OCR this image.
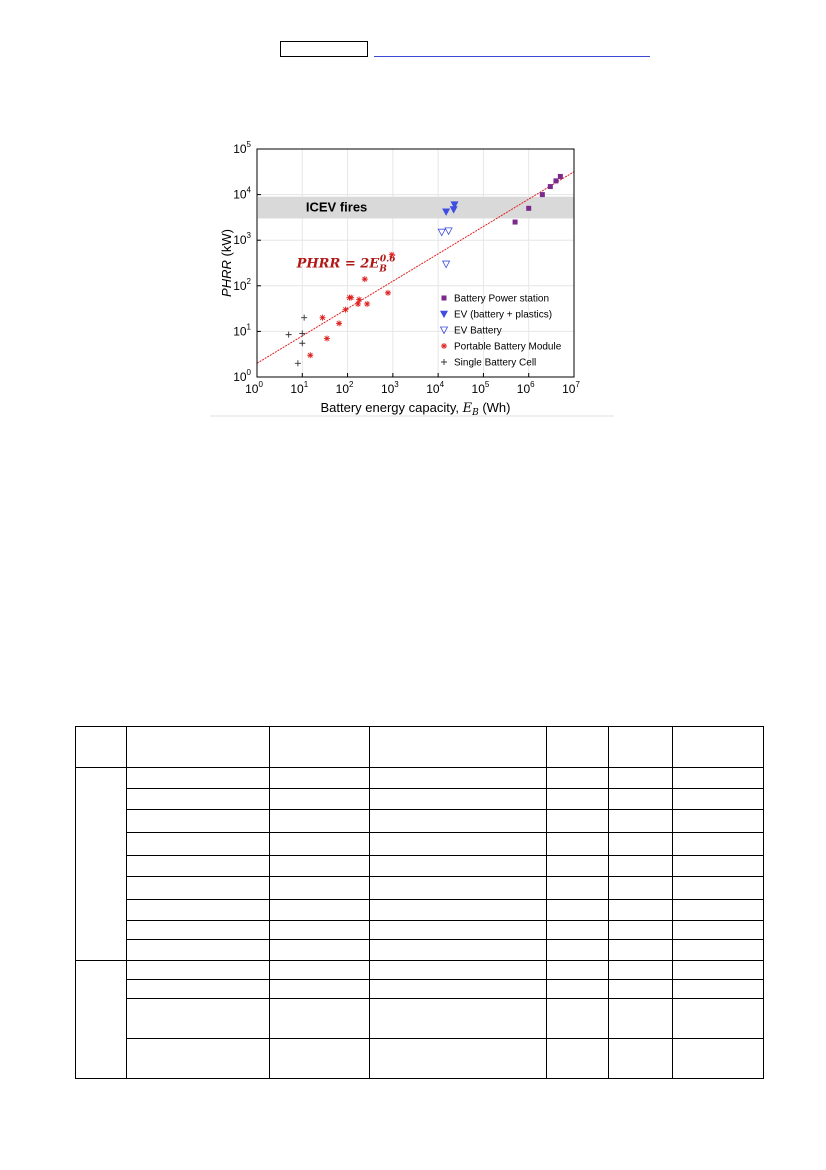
ICEV fires
PHRR = $2E_B0.6$
$10^0$ $10^1$ $10^2$ $10^3$ $10^4$ $10^5$ $10^6$ $10^7$
$10^0$
$10^1$
$10^2$
$10^3$
$10^4$
$10^5$
Battery Power station
EV (battery + plastics)
EV Battery
Portable Battery Module
Single Battery Cell
Battery energy capacity, $E_B$ (Wh)
PHRR (kW)
